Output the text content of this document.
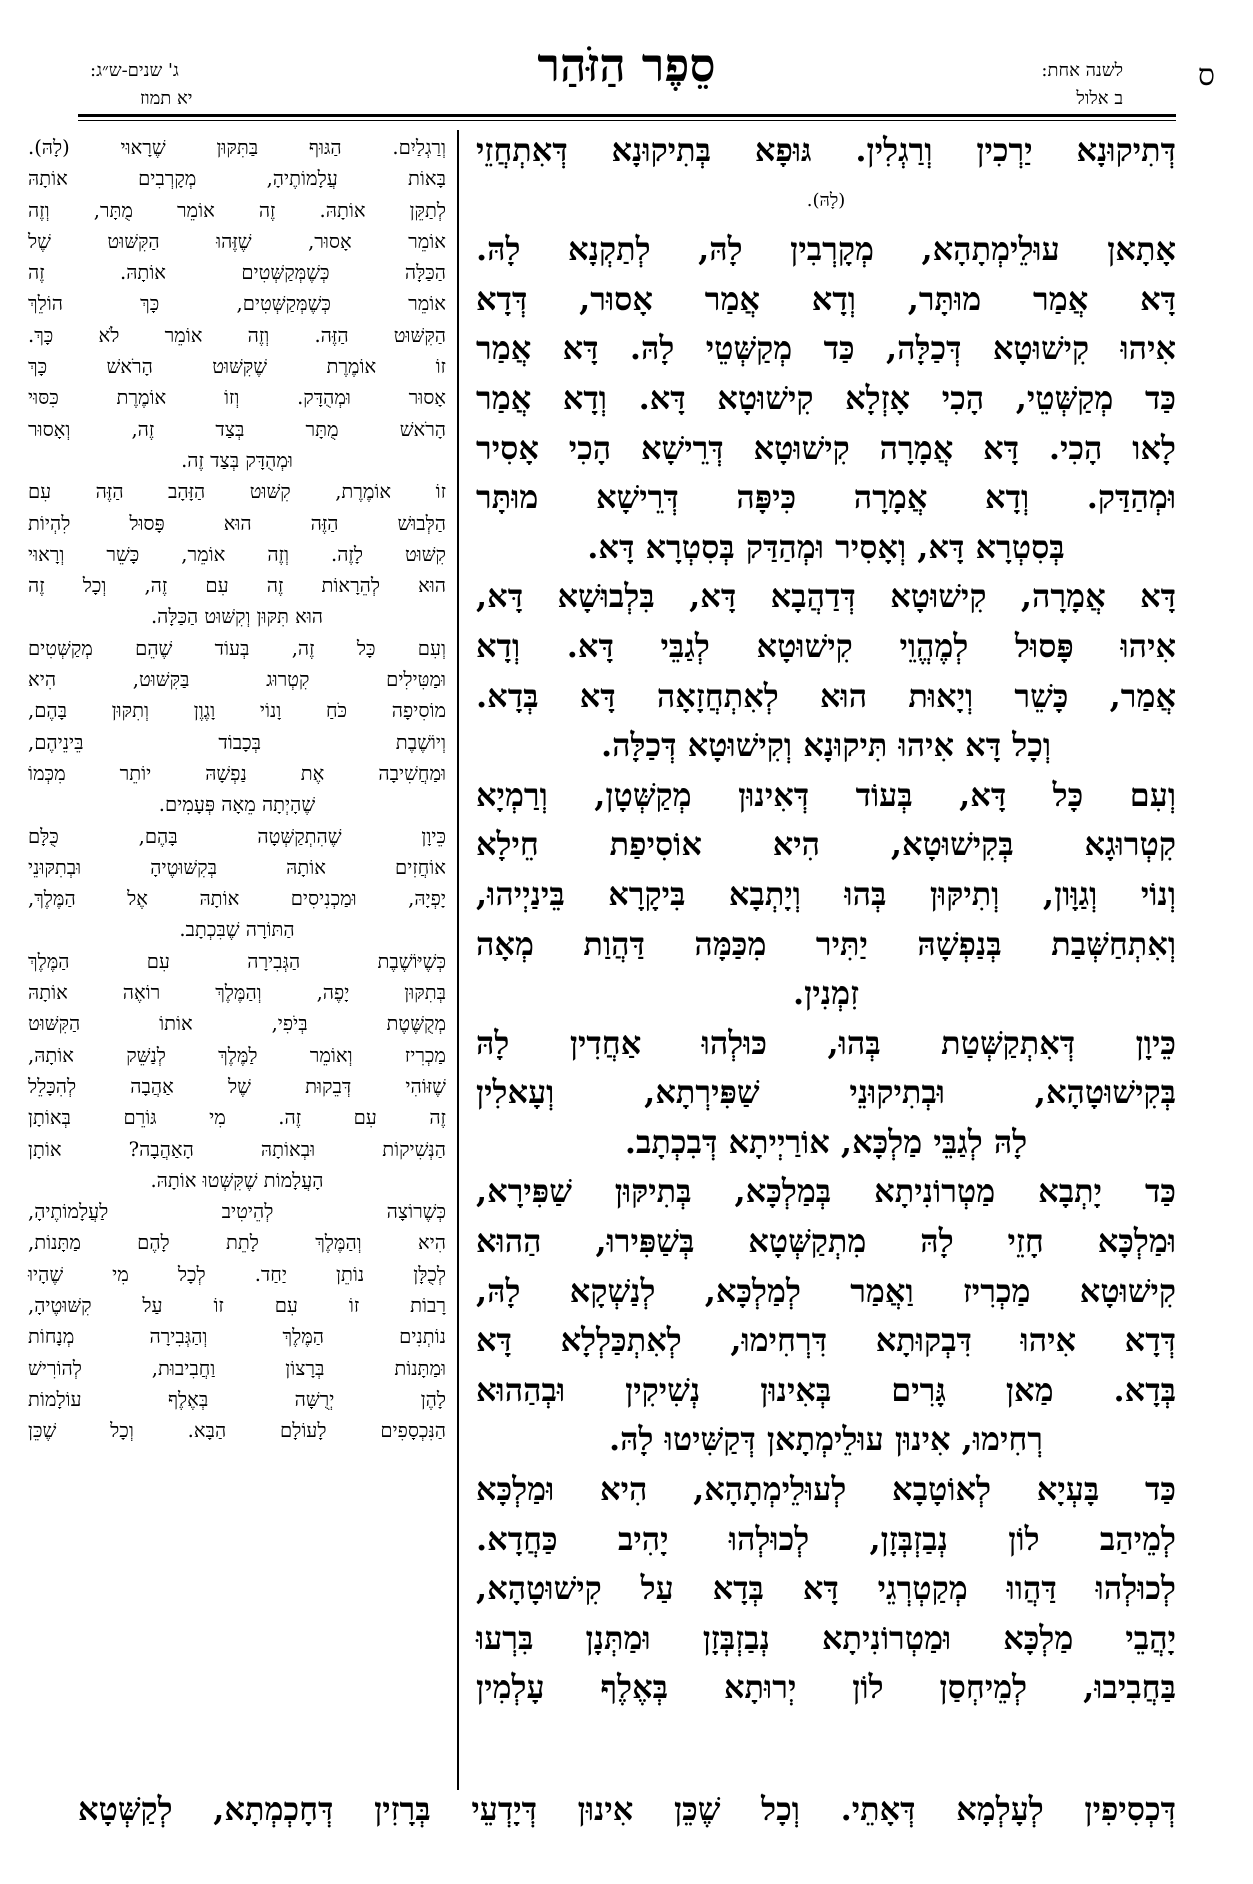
ס
לשנה אחת:
ב אלול
סֵפֶר הַזֹּהַר
ג' שנים-ש״ג:
יא תמוז
דְּתִיקוּנָא יַרְכִין וְרַגְלִין. גּוּפָא בְּתִיקוּנָא דְּאִתְחֲזֵי
(לָהּ).
אָתָאן עוּלֵימְתָהָא, מְקָרְבִין לָהּ, לְתַקְנָא לָהּ.
דָּא אֲמַר מוּתָּר, וְדָא אֲמַר אָסוּר, דְּדָא
אִיהוּ קִישׁוּטָא דְּכַלָּה, כַּד מְקַשְּׁטֵי לָהּ. דָּא אֲמַר
כַּד מְקַשְּׁטֵי, הָכִי אָזְלָא קִישׁוּטָא דָּא. וְדָא אֲמַר
לָאו הָכִי. דָּא אֲמָרָה קִישׁוּטָא דְּרֵישָׁא הָכִי אָסִיר
וּמְהַדַּק. וְדָא אֲמָרָה כִּיפָּה דְּרֵישָׁא מוּתָּר
בְּסִטְרָא דָּא, וְאָסִיר וּמְהַדַּק בְּסִטְרָא דָּא.
דָּא אֲמָרָה, קִישׁוּטָא דְּדַהֲבָא דָּא, בִּלְבוּשָׁא דָּא,
אִיהוּ פָּסוּל לְמֶהֱוֵי קִישׁוּטָא לְגַבֵּי דָּא. וְדָא
אֲמַר, כָּשֵׁר וְיָאוּת הוּא לְאִתְחֲזָאָה דָּא בְּדָא.
וְכָל דָּא אִיהוּ תִּיקוּנָא וְקִישׁוּטָא דְּכַלָּה.
וְעִם כָּל דָּא, בְּעוֹד דְּאִינוּן מְקַשְּׁטָן, וְרַמְיָא
קִטְרוּגָא בְּקִישׁוּטָא, הִיא אוֹסִיפַת חֵילָא
וְנוֹי וְגַוָּון, וְתִיקּוּן בְּהוּ וְיָתְבָא בִּיקָרָא בֵּינַיְיהוּ,
וְאִתְחַשְּׁבַת בְּנַפְשָׁהּ יַתִּיר מִכַּמָּה דַּהֲוַת מְאָה
זִמְנִין.
כֵּיוָן דְּאִתְקַשְּׁטַת בְּהוּ, כּוּלְהוּ אַחֲדִין לָהּ
בְּקִישׁוּטָהָא, וּבְתִיקוּנֵי שַׁפִּירְתָא, וְעָאלִין
לָהּ לְגַבֵּי מַלְכָּא, אוֹרַיְיתָא דְּבִכְתָב.
כַּד יָתְבָא מַטְרוֹנִיתָא בְּמַלְכָּא, בְּתִיקּוּן שַׁפִּירָא,
וּמַלְכָּא חָזֵי לָהּ מִתְקַשְּׁטָא בְּשַׁפִּירוּ, הַהוּא
קִישׁוּטָא מַכְרִיז וַאֲמַר לְמַלְכָּא, לְנַשְׁקָא לָהּ,
דְּדָא אִיהוּ דִּבְקוּתָא דִּרְחִימוּ, לְאִתְכַּלְלָא דָּא
בְּדָא. מַאן גָּרִים בְּאִינוּן נְשִׁיקִין וּבְהַהוּא
רְחִימוּ, אִינוּן עוּלֵימְתָאן דְּקַשִּׁיטוּ לָהּ.
כַּד בָּעְיָא לְאוֹטָבָא לְעוּלֵימְתָהָא, הִיא וּמַלְכָּא
לְמֵיהַב לוֹן נְבַזְבְּזָן, לְכוּלְהוּ יָהִיב כַּחֲדָא.
לְכוּלְהוּ דַּהֲווּ מְקַטְרְגֵי דָּא בְּדָא עַל קִישׁוּטָהָא,
יָהֲבֵי מַלְכָּא וּמַטְרוֹנִיתָא נְבַזְבְּזָן וּמַתְּנָן בִּרְעוּ
בַּחֲבִיבוּ, לְמֵיחְסַן לוֹן יְרוּתָא בְּאֶלֶף עָלְמִין
וְרַגְלַיִם. הַגּוּף בַּתִּקּוּן שֶׁרָאוּי (לָהּ).
בָּאוֹת עֲלָמוֹתֶיהָ, מְקָרְבִים אוֹתָהּ
לְתַקֵּן אוֹתָהּ. זֶה אוֹמֵר מֻתָּר, וְזֶה
אוֹמֵר אָסוּר, שֶׁזֶּהוּ הַקִּשּׁוּט שֶׁל
הַכַּלָּה כְּשֶׁמְּקַשְּׁטִים אוֹתָהּ. זֶה
אוֹמֵר כְּשֶׁמְּקַשְּׁטִים, כָּךְ הוֹלֵךְ
הַקִּשּׁוּט הַזֶּה. וְזֶה אוֹמֵר לֹא כָּךְ.
זוֹ אוֹמֶרֶת שֶׁקִּשּׁוּט הָרֹאשׁ כָּךְ
אָסוּר וּמְהֻדָּק. וְזוֹ אוֹמֶרֶת כִּסּוּי
הָרֹאשׁ מֻתָּר בְּצַד זֶה, וְאָסוּר
וּמְהֻדָּק בְּצַד זֶה.
זוֹ אוֹמֶרֶת, קִשּׁוּט הַזָּהָב הַזֶּה עִם
הַלְּבוּשׁ הַזֶּה הוּא פָּסוּל לִהְיוֹת
קִשּׁוּט לָזֶה. וְזֶה אוֹמֵר, כָּשֵׁר וְרָאוּי
הוּא לְהֵרָאוֹת זֶה עִם זֶה, וְכָל זֶה
הוּא תִּקּוּן וְקִשּׁוּט הַכַּלָּה.
וְעִם כָּל זֶה, בְּעוֹד שֶׁהֵם מְקַשְּׁטִים
וּמַטִּילִים קִטְרוּג בַּקִּשּׁוּט, הִיא
מוֹסִיפָה כֹּחַ וָנוֹי וָגֶוֶן וְתִקּוּן בָּהֶם,
וְיוֹשֶׁבֶת בְּכָבוֹד בֵּינֵיהֶם,
וּמַחֲשִׁיבָה אֶת נַפְשָׁהּ יוֹתֵר מִכְּמוֹ
שֶׁהָיְתָה מֵאָה פְּעָמִים.
כֵּיוָן שֶׁהִתְקַשְּׁטָה בָּהֶם, כֻּלָּם
אוֹחֲזִים אוֹתָהּ בְּקִשּׁוּטֶיהָ וּבְתִקּוּנֵי
יָפְיָהּ, וּמַכְנִיסִים אוֹתָהּ אֶל הַמֶּלֶךְ,
הַתּוֹרָה שֶׁבִּכְתָב.
כְּשֶׁיּוֹשֶׁבֶת הַגְּבִירָה עִם הַמֶּלֶךְ
בְּתִקּוּן יָפֶה, וְהַמֶּלֶךְ רוֹאֶה אוֹתָהּ
מְקֻשֶּׁטֶת בְּיֹפִי, אוֹתוֹ הַקִּשּׁוּט
מַכְרִיז וְאוֹמֵר לַמֶּלֶךְ לְנַשֵּׁק אוֹתָהּ,
שֶׁזּוֹהִי דְּבֵקוּת שֶׁל אַהֲבָה לְהִכָּלֵל
זֶה עִם זֶה. מִי גּוֹרֵם בְּאוֹתָן
הַנְּשִׁיקוֹת וּבְאוֹתָהּ הָאַהֲבָה? אוֹתָן
הָעֲלָמוֹת שֶׁקִּשְּׁטוּ אוֹתָהּ.
כְּשֶׁרוֹצָה לְהֵיטִיב לַעֲלָמוֹתֶיהָ,
הִיא וְהַמֶּלֶךְ לָתֵת לָהֶם מַתָּנוֹת,
לְכֻלָּן נוֹתֵן יַחַד. לְכָל מִי שֶׁהָיוּ
רָבוֹת זוֹ עִם זוֹ עַל קִשּׁוּטֶיהָ,
נוֹתְנִים הַמֶּלֶךְ וְהַגְּבִירָה מְנָחוֹת
וּמַתָּנוֹת בְּרָצוֹן וַחֲבִיבוּת, לְהוֹרִישׁ
לָהֶן יְרֻשָּׁה בְּאֶלֶף עוֹלָמוֹת
הַנִּכְסָפִים לָעוֹלָם הַבָּא. וְכָל שֶׁכֵּן
דְּכְסִיפִין לְעָלְמָא דְּאָתֵי. וְכָל שֶׁכֵּן אִינוּן דְּיָדְעֵי בְּרָזִין דְּחָכְמְתָא, לְקַשְּׁטָא
